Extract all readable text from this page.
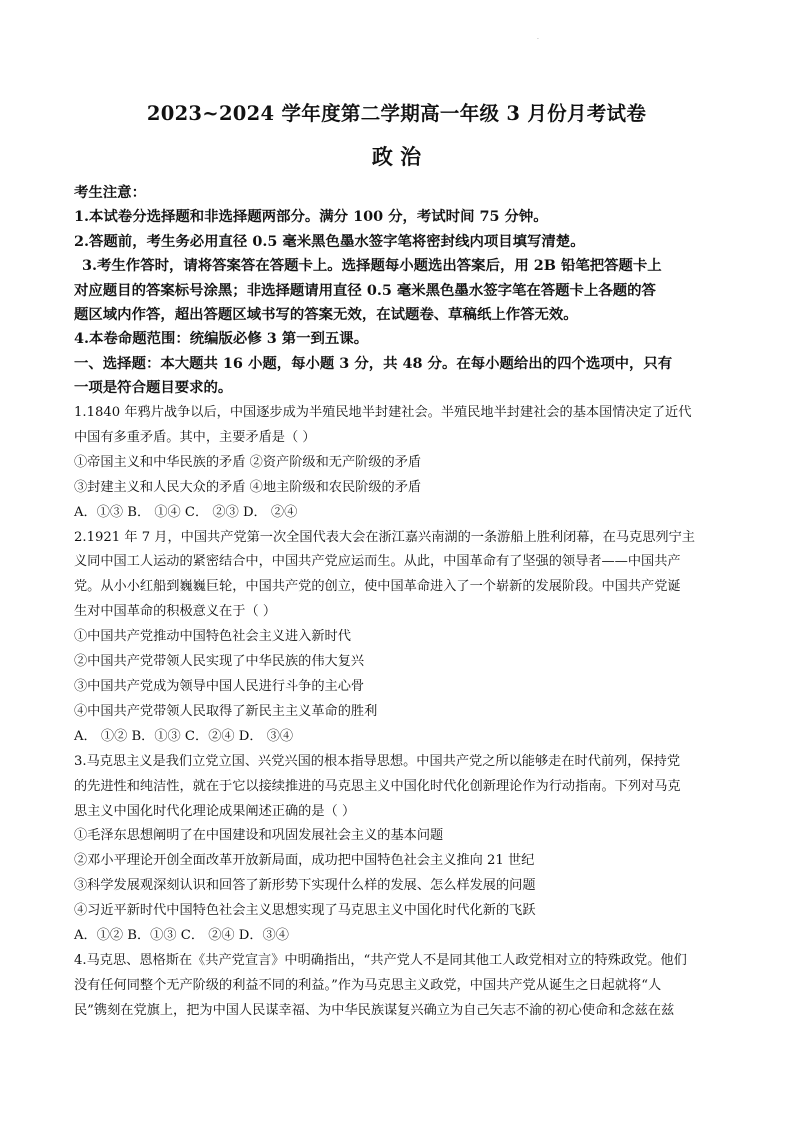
.
2023~2024 学年度第二学期高一年级 3 月份月考试卷
政 治
考生注意：
1.本试卷分选择题和非选择题两部分。满分 100 分，考试时间 75 分钟。
2.答题前，考生务必用直径 0.5 毫米黑色墨水签字笔将密封线内项目填写清楚。
3.考生作答时，请将答案答在答题卡上。选择题每小题选出答案后，用 2B 铅笔把答题卡上
对应题目的答案标号涂黑；非选择题请用直径 0.5 毫米黑色墨水签字笔在答题卡上各题的答
题区域内作答，超出答题区域书写的答案无效，在试题卷、草稿纸上作答无效。
4.本卷命题范围：统编版必修 3 第一到五课。
一、选择题：本大题共 16 小题，每小题 3 分，共 48 分。在每小题给出的四个选项中，只有
一项是符合题目要求的。
1.1840 年鸦片战争以后，中国逐步成为半殖民地半封建社会。半殖民地半封建社会的基本国情决定了近代
中国有多重矛盾。其中，主要矛盾是（ ）
①帝国主义和中华民族的矛盾 ②资产阶级和无产阶级的矛盾
③封建主义和人民大众的矛盾 ④地主阶级和农民阶级的矛盾
A．①③ B． ①④ C． ②③ D． ②④
2.1921 年 7 月，中国共产党第一次全国代表大会在浙江嘉兴南湖的一条游船上胜利闭幕，在马克思列宁主
义同中国工人运动的紧密结合中，中国共产党应运而生。从此，中国革命有了坚强的领导者——中国共产
党。从小小红船到巍巍巨轮，中国共产党的创立，使中国革命进入了一个崭新的发展阶段。中国共产党诞
生对中国革命的积极意义在于（ ）
①中国共产党推动中国特色社会主义进入新时代
②中国共产党带领人民实现了中华民族的伟大复兴
③中国共产党成为领导中国人民进行斗争的主心骨
④中国共产党带领人民取得了新民主主义革命的胜利
A． ①② B．①③ C．②④ D． ③④
3.马克思主义是我们立党立国、兴党兴国的根本指导思想。中国共产党之所以能够走在时代前列，保持党
的先进性和纯洁性，就在于它以接续推进的马克思主义中国化时代化创新理论作为行动指南。下列对马克
思主义中国化时代化理论成果阐述正确的是（ ）
①毛泽东思想阐明了在中国建设和巩固发展社会主义的基本问题
②邓小平理论开创全面改革开放新局面，成功把中国特色社会主义推向 21 世纪
③科学发展观深刻认识和回答了新形势下实现什么样的发展、怎么样发展的问题
④习近平新时代中国特色社会主义思想实现了马克思主义中国化时代化新的飞跃
A．①② B．①③ C． ②④ D．③④
4.马克思、恩格斯在《共产党宣言》中明确指出，“共产党人不是同其他工人政党相对立的特殊政党。他们
没有任何同整个无产阶级的利益不同的利益。”作为马克思主义政党，中国共产党从诞生之日起就将“人
民”镌刻在党旗上，把为中国人民谋幸福、为中华民族谋复兴确立为自己矢志不渝的初心使命和念兹在兹
